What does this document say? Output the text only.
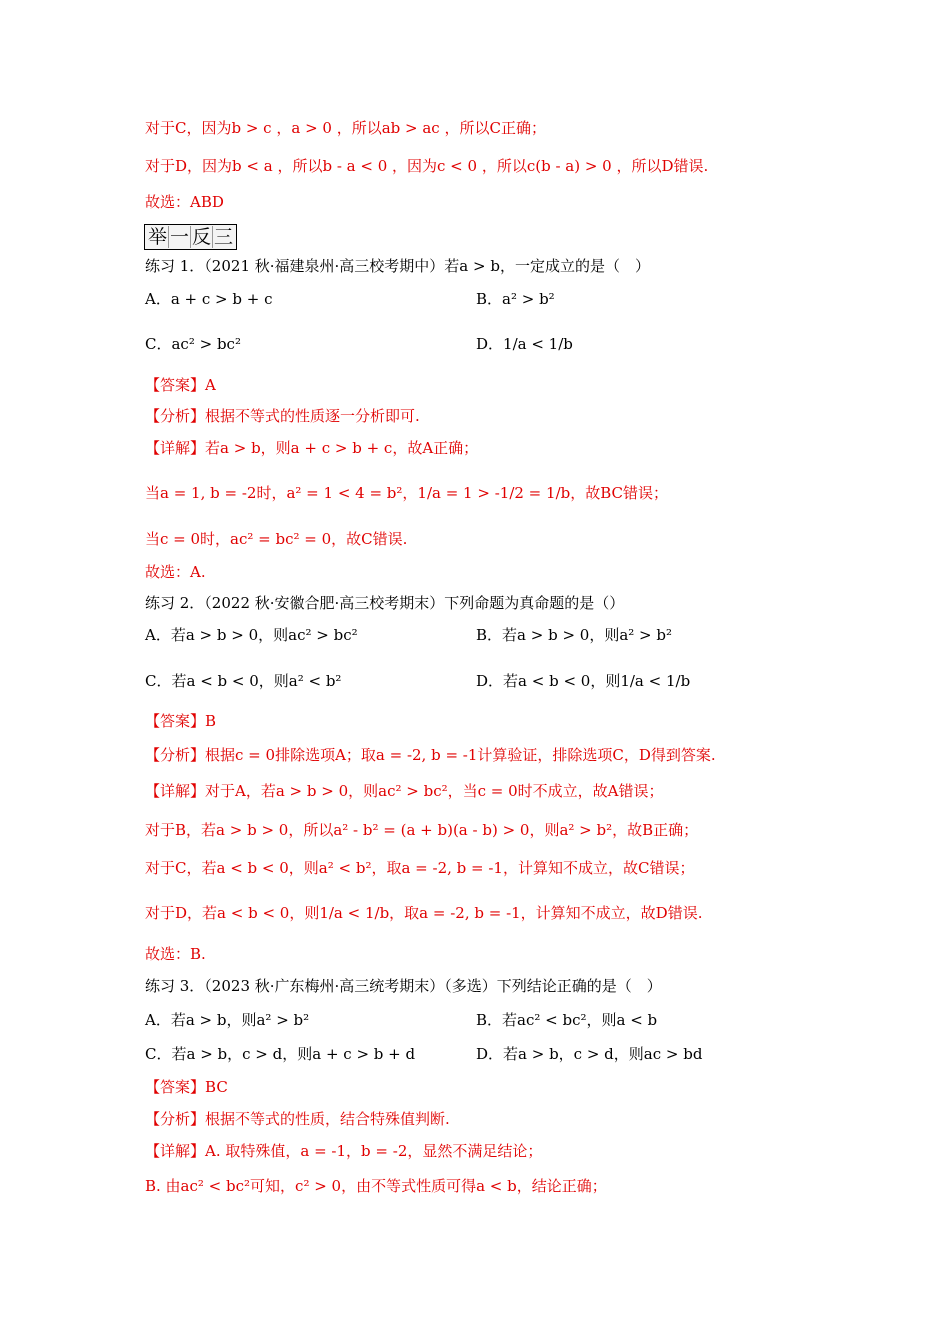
对于C，因为b > c ，a > 0 ，所以ab > ac ，所以C正确；
对于D，因为b < a ，所以b - a < 0 ，因为c < 0 ，所以c(b - a) > 0 ，所以D错误.
故选：ABD
举 一 反 三
练习 1．（2021 秋·福建泉州·高三校考期中）若a > b，一定成立的是（　）
A．a + c > b + c	B．a² > b²
C．ac² > bc²	D．1/a < 1/b
【答案】A
【分析】根据不等式的性质逐一分析即可.
【详解】若a > b，则a + c > b + c，故A正确；
当a = 1, b = -2时，a² = 1 < 4 = b²，1/a = 1 > -1/2 = 1/b，故BC错误；
当c = 0时，ac² = bc² = 0，故C错误.
故选：A.
练习 2．（2022 秋·安徽合肥·高三校考期末）下列命题为真命题的是（）
A．若a > b > 0，则ac² > bc²	B．若a > b > 0，则a² > b²
C．若a < b < 0，则a² < b²	D．若a < b < 0，则1/a < 1/b
【答案】B
【分析】根据c = 0排除选项A；取a = -2, b = -1计算验证，排除选项C，D得到答案.
【详解】对于A，若a > b > 0，则ac² > bc²，当c = 0时不成立，故A错误；
对于B，若a > b > 0，所以a² - b² = (a + b)(a - b) > 0，则a² > b²，故B正确；
对于C，若a < b < 0，则a² < b²，取a = -2, b = -1，计算知不成立，故C错误；
对于D，若a < b < 0，则1/a < 1/b，取a = -2, b = -1，计算知不成立，故D错误.
故选：B.
练习 3．（2023 秋·广东梅州·高三统考期末）（多选）下列结论正确的是（　）
A．若a > b，则a² > b²	B．若ac² < bc²，则a < b
C．若a > b，c > d，则a + c > b + d	D．若a > b，c > d，则ac > bd
【答案】BC
【分析】根据不等式的性质，结合特殊值判断.
【详解】A. 取特殊值，a = -1，b = -2，显然不满足结论；
B. 由ac² < bc²可知，c² > 0，由不等式性质可得a < b，结论正确；
